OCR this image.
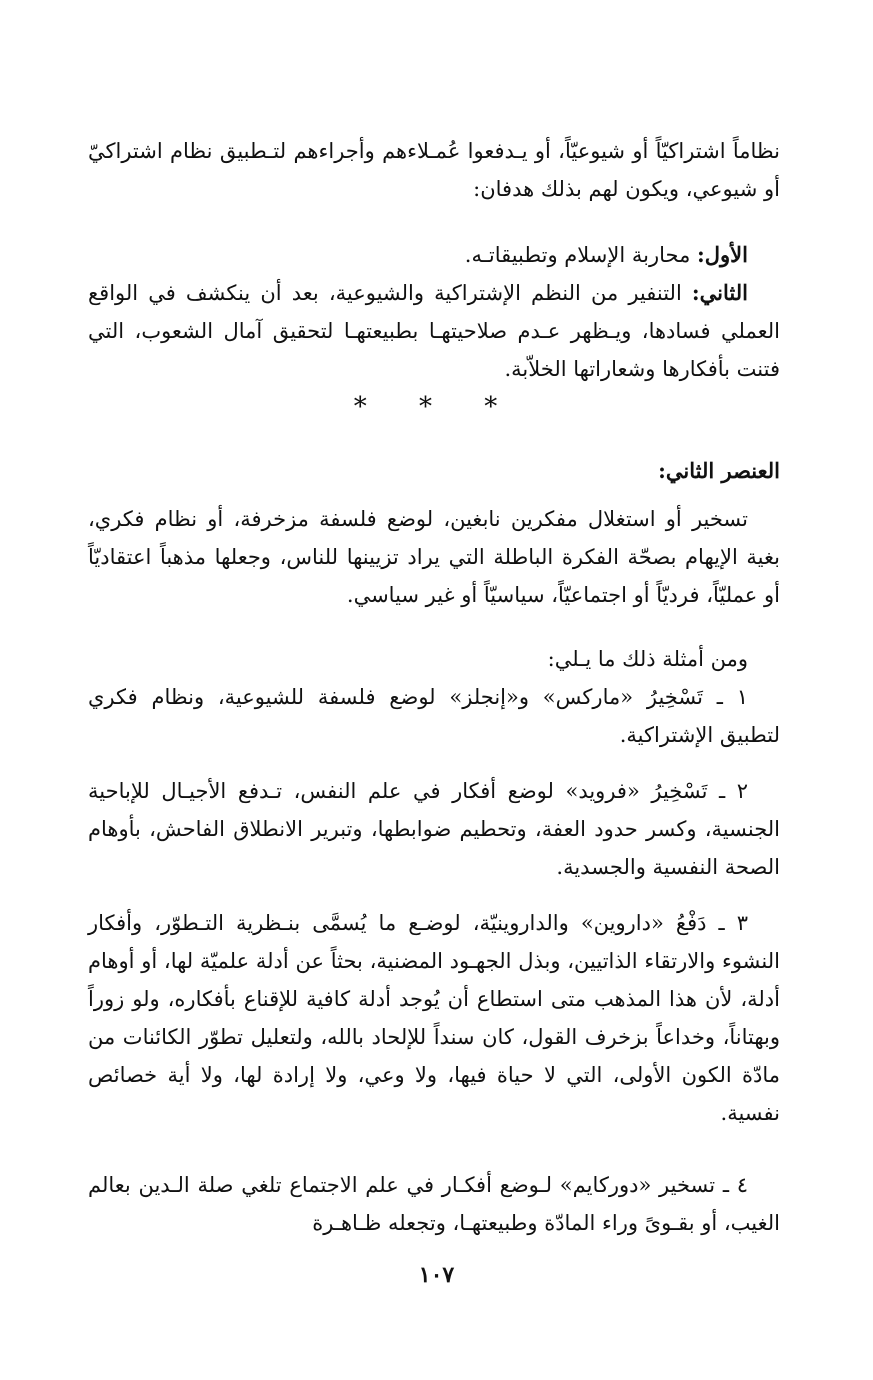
نظاماً اشتراكيّاً أو شيوعيّاً، أو يـدفعوا عُمـلاءهم وأجراءهم لتـطبيق نظام اشتراكيّ أو شيوعي، ويكون لهم بذلك هدفان:

الأول: محاربة الإسلام وتطبيقاتـه.

الثاني: التنفير من النظم الإشتراكية والشيوعية، بعد أن ينكشف في الواقع العملي فسادها، ويـظهر عـدم صلاحيتهـا بطبيعتهـا لتحقيق آمال الشعوب، التي فتنت بأفكارها وشعاراتها الخلاّبة.

* * *
العنصر الثاني:

تسخير أو استغلال مفكرين نابغين، لوضع فلسفة مزخرفة، أو نظام فكري، بغية الإيهام بصحّة الفكرة الباطلة التي يراد تزيينها للناس، وجعلها مذهباً اعتقاديّاً أو عمليّاً، فرديّاً أو اجتماعيّاً، سياسيّاً أو غير سياسي.

ومن أمثلة ذلك ما يـلي:

١ ـ تَسْخِيرُ «ماركس» و«إنجلز» لوضع فلسفة للشيوعية، ونظام فكري لتطبيق الإشتراكية.

٢ ـ تَسْخِيرُ «فرويد» لوضع أفكار في علم النفس، تـدفع الأجيـال للإباحية الجنسية، وكسر حدود العفة، وتحطيم ضوابطها، وتبرير الانطلاق الفاحش، بأوهام الصحة النفسية والجسدية.

٣ ـ دَفْعُ «داروين» والداروينيّة، لوضـع ما يُسمَّى بنـظرية التـطوّر، وأفكار النشوء والارتقاء الذاتيين، وبذل الجهـود المضنية، بحثاً عن أدلة علميّة لها، أو أوهام أدلة، لأن هذا المذهب متى استطاع أن يُوجد أدلة كافية للإقناع بأفكاره، ولو زوراً وبهتاناً، وخداعاً بزخرف القول، كان سنداً للإلحاد بالله، ولتعليل تطوّر الكائنات من مادّة الكون الأولى، التي لا حياة فيها، ولا وعي، ولا إرادة لها، ولا أية خصائص نفسية.

٤ ـ تسخير «دوركايم» لـوضع أفكـار في علم الاجتماع تلغي صلة الـدين بعالم الغيب، أو بقـوىً وراء المادّة وطبيعتهـا، وتجعله ظـاهـرة

١٠٧
